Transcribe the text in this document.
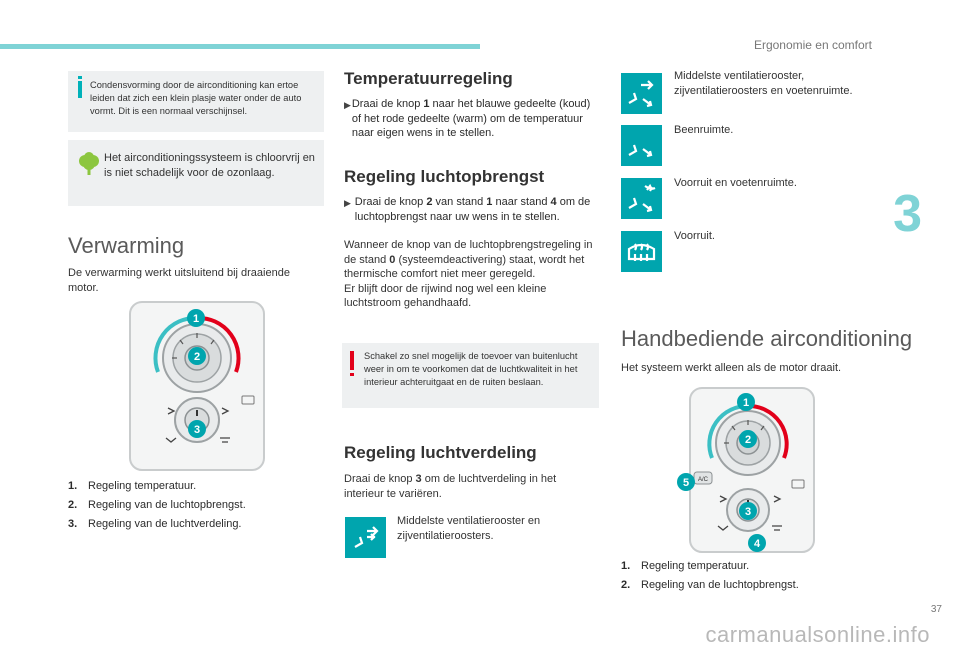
Ergonomie en comfort
3
37
carmanualsonline.info
Condensvorming door de airconditioning kan ertoe leiden dat zich een klein plasje water onder de auto vormt. Dit is een normaal verschijnsel.
Het airconditioningssysteem is chloorvrij en is niet schadelijk voor de ozonlaag.
Verwarming
De verwarming werkt uitsluitend bij draaiende motor.
1
2
3
1. Regeling temperatuur.
2. Regeling van de luchtopbrengst.
3. Regeling van de luchtverdeling.
Temperatuurregeling
▶ Draai de knop 1 naar het blauwe gedeelte (koud) of het rode gedeelte (warm) om de temperatuur naar eigen wens in te stellen.
Regeling luchtopbrengst
▶ Draai de knop 2 van stand 1 naar stand 4 om de luchtopbrengst naar uw wens in te stellen.
Wanneer de knop van de luchtopbrengstregeling in de stand 0 (systeemdeactivering) staat, wordt het thermische comfort niet meer geregeld.
Er blijft door de rijwind nog wel een kleine luchtstroom gehandhaafd.
Schakel zo snel mogelijk de toevoer van buitenlucht weer in om te voorkomen dat de luchtkwaliteit in het interieur achteruitgaat en de ruiten beslaan.
Regeling luchtverdeling
Draai de knop 3 om de luchtverdeling in het interieur te variëren.
Middelste ventilatierooster en zijventilatieroosters.
Middelste ventilatierooster, zijventilatieroosters en voetenruimte.
Beenruimte.
Voorruit en voetenruimte.
Voorruit.
Handbediende airconditioning
Het systeem werkt alleen als de motor draait.
A/C
1
2
3
4
5
1. Regeling temperatuur.
2. Regeling van de luchtopbrengst.
